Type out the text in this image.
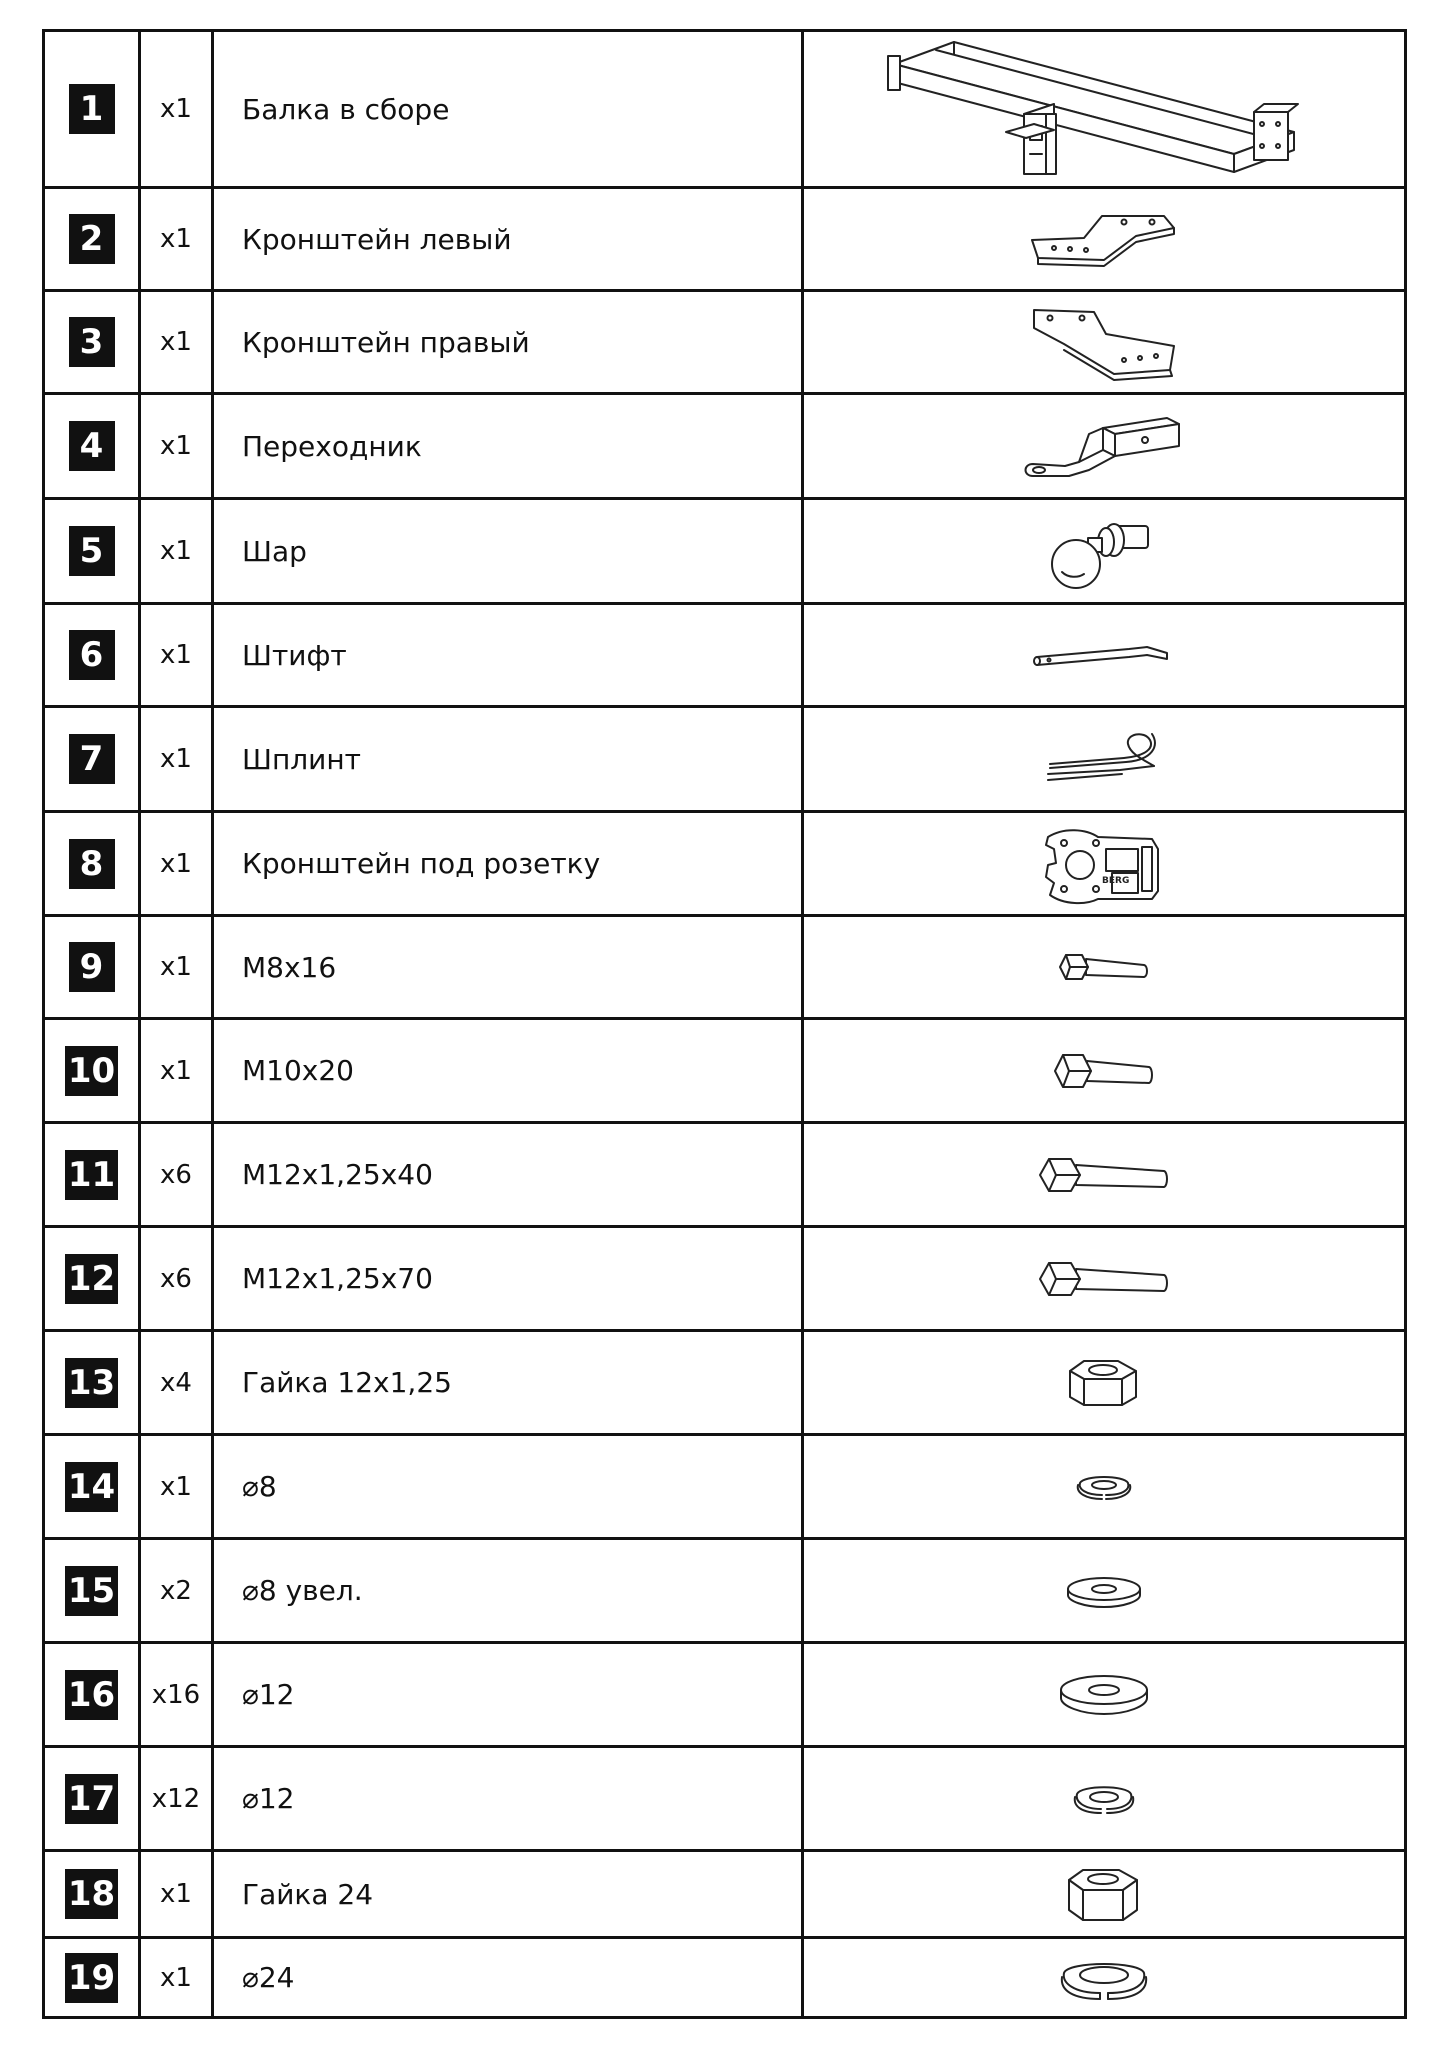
1	x1	Балка в сборе
2	x1	Кронштейн левый
3	x1	Кронштейн правый
4	x1	Переходник
5	x1	Шар
6	x1	Штифт
7	x1	Шплинт
8	x1	Кронштейн под розетку
BERG
9	x1	M8x16
10	x1	M10x20
11	x6	M12x1,25x40
12	x6	M12x1,25x70
13	x4	Гайка 12x1,25
14	x1	⌀8
15	x2	⌀8 увел.
16	x16	⌀12
17	x12	⌀12
18	x1	Гайка 24
19	x1	⌀24
